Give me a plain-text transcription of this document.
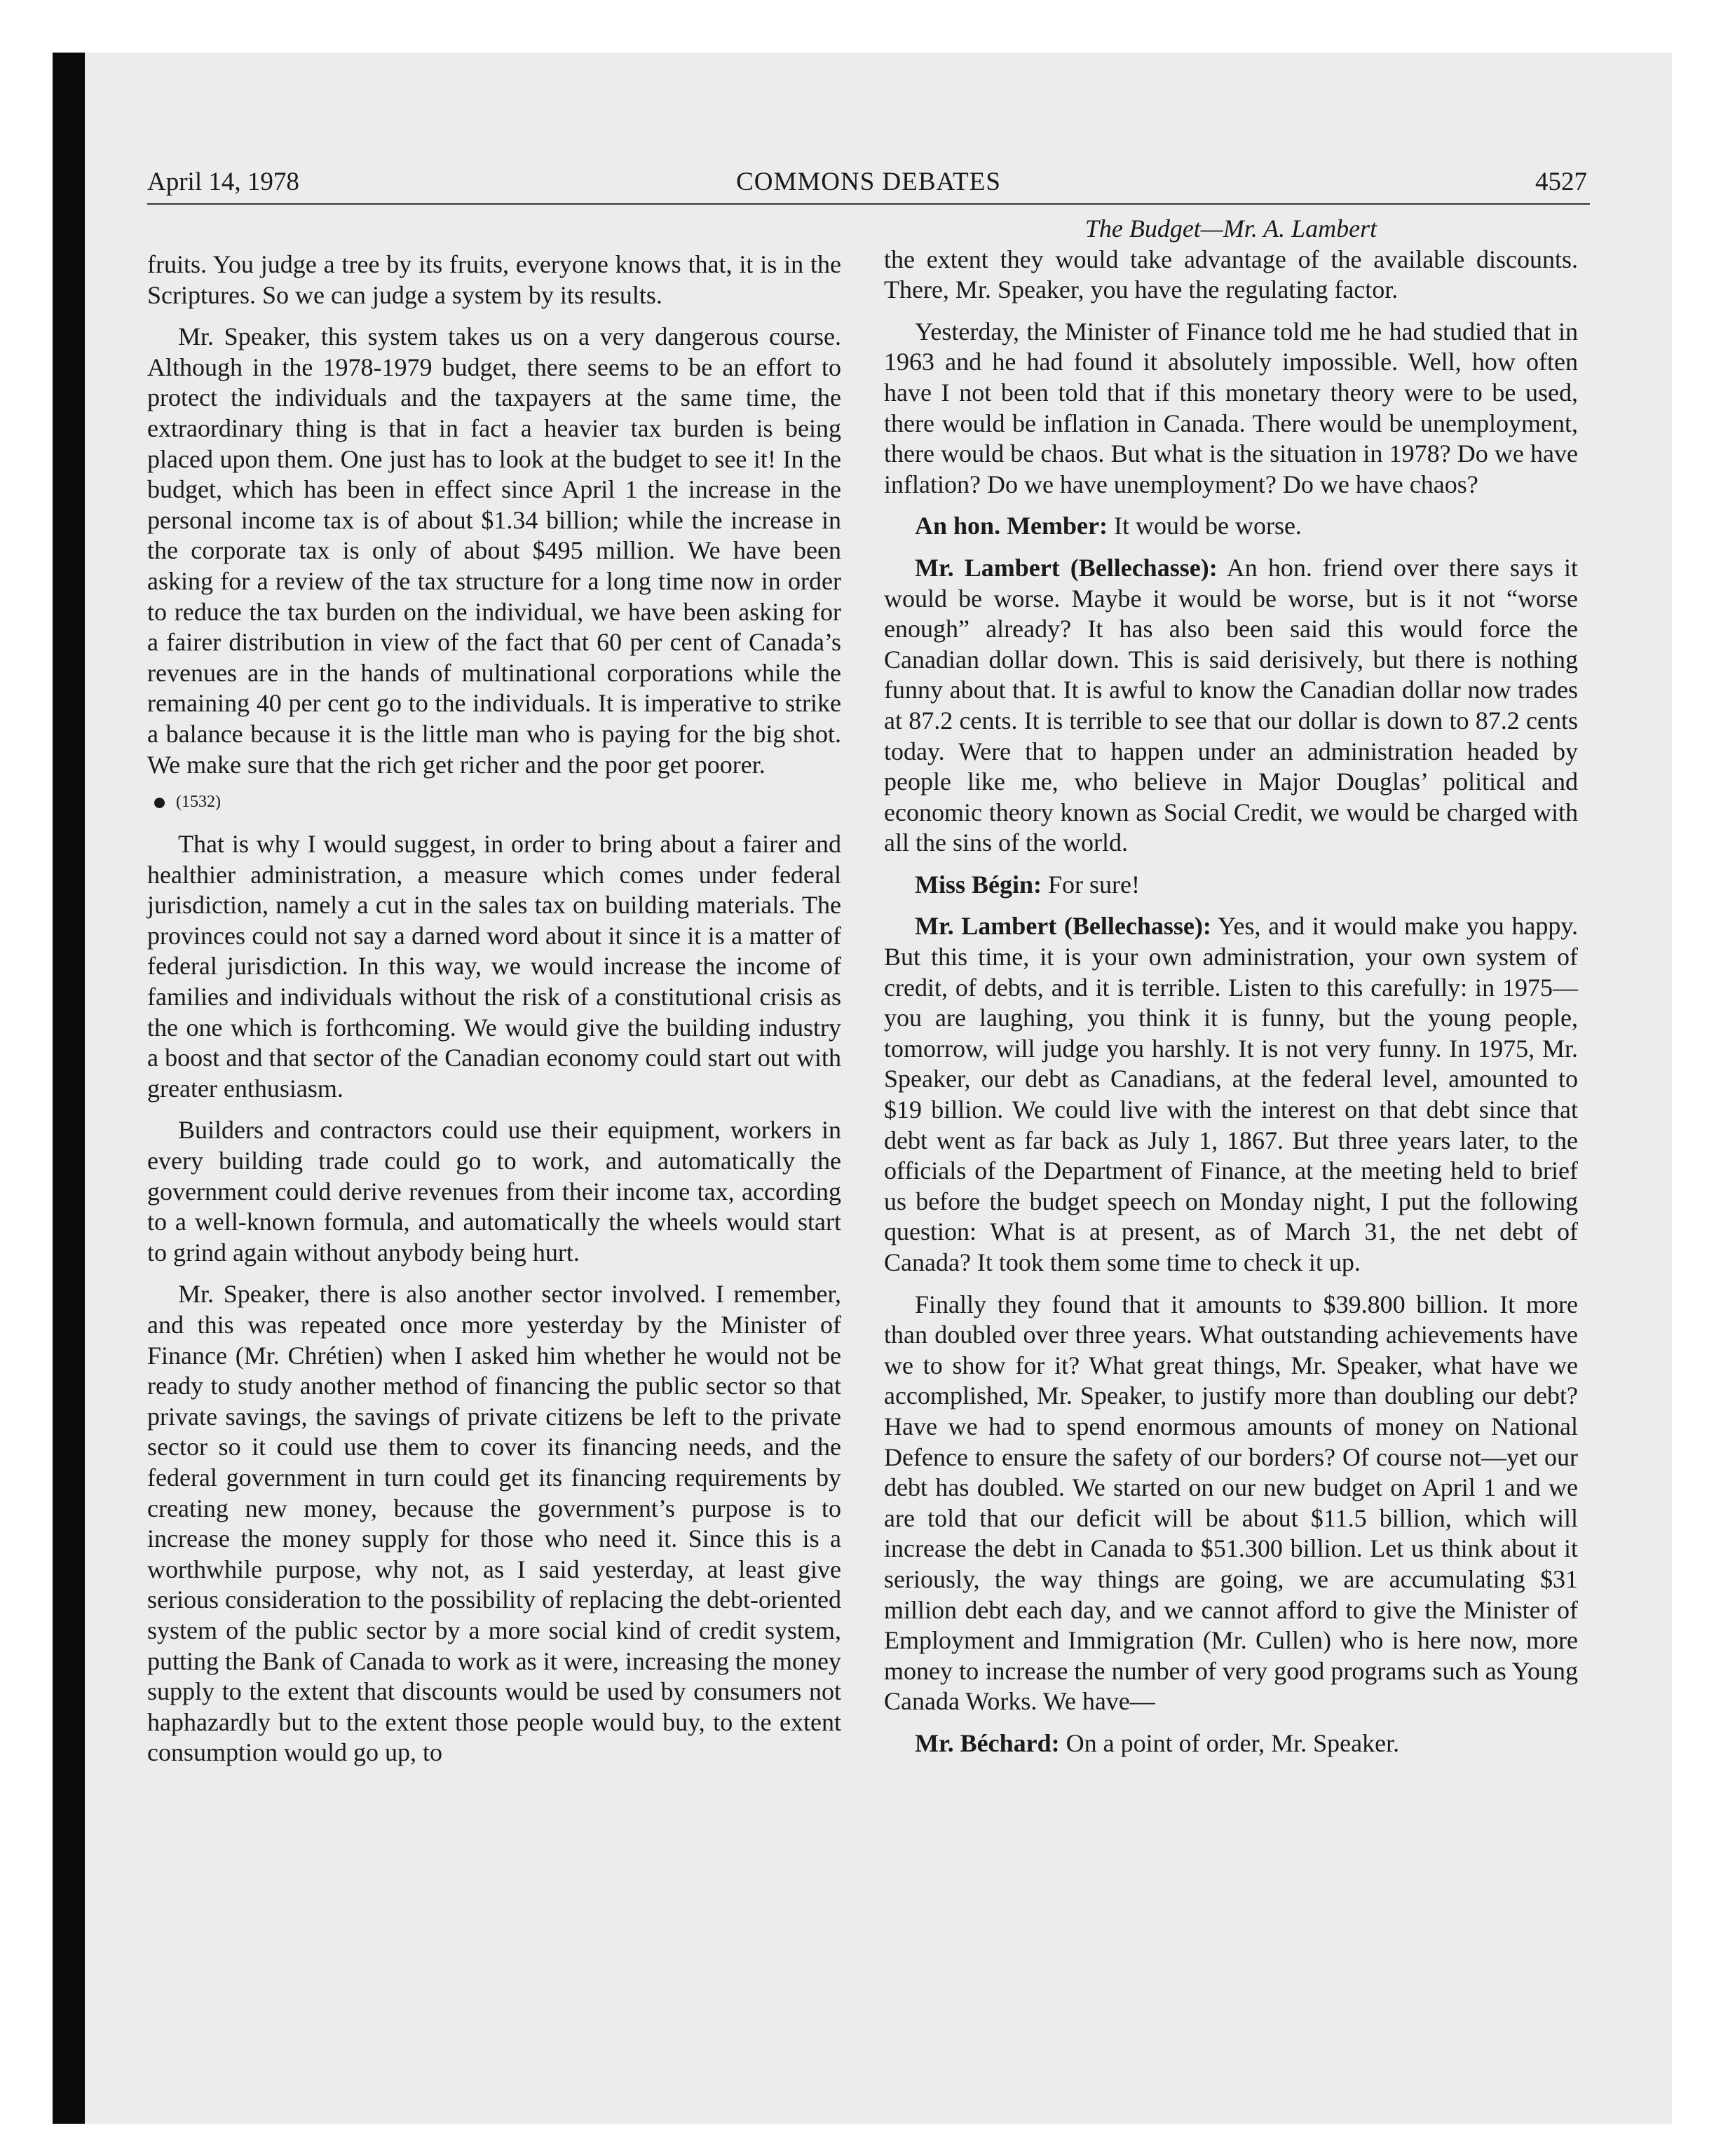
April 14, 1978	COMMONS DEBATES	4527

fruits. You judge a tree by its fruits, everyone knows that, it is in the Scriptures. So we can judge a system by its results.

Mr. Speaker, this system takes us on a very dangerous course. Although in the 1978-1979 budget, there seems to be an effort to protect the individuals and the taxpayers at the same time, the extraordinary thing is that in fact a heavier tax burden is being placed upon them. One just has to look at the budget to see it! In the budget, which has been in effect since April 1 the increase in the personal income tax is of about $1.34 billion; while the increase in the corporate tax is only of about $495 million. We have been asking for a review of the tax structure for a long time now in order to reduce the tax burden on the individual, we have been asking for a fairer distribution in view of the fact that 60 per cent of Canada’s revenues are in the hands of multinational corporations while the remaining 40 per cent go to the individuals. It is imperative to strike a balance because it is the little man who is paying for the big shot. We make sure that the rich get richer and the poor get poorer.

(1532)

That is why I would suggest, in order to bring about a fairer and healthier administration, a measure which comes under federal jurisdiction, namely a cut in the sales tax on building materials. The provinces could not say a darned word about it since it is a matter of federal jurisdiction. In this way, we would increase the income of families and individuals without the risk of a constitutional crisis as the one which is forthcoming. We would give the building industry a boost and that sector of the Canadian economy could start out with greater enthusiasm.

Builders and contractors could use their equipment, workers in every building trade could go to work, and automatically the government could derive revenues from their income tax, according to a well-known formula, and automatically the wheels would start to grind again without anybody being hurt.

Mr. Speaker, there is also another sector involved. I remember, and this was repeated once more yesterday by the Minister of Finance (Mr. Chrétien) when I asked him whether he would not be ready to study another method of financing the public sector so that private savings, the savings of private citizens be left to the private sector so it could use them to cover its financing needs, and the federal government in turn could get its financing requirements by creating new money, because the government’s purpose is to increase the money supply for those who need it. Since this is a worthwhile purpose, why not, as I said yesterday, at least give serious consideration to the possibility of replacing the debt-oriented system of the public sector by a more social kind of credit system, putting the Bank of Canada to work as it were, increasing the money supply to the extent that discounts would be used by consumers not haphazardly but to the extent those people would buy, to the extent consumption would go up, to

The Budget—Mr. A. Lambert

the extent they would take advantage of the available discounts. There, Mr. Speaker, you have the regulating factor.

Yesterday, the Minister of Finance told me he had studied that in 1963 and he had found it absolutely impossible. Well, how often have I not been told that if this monetary theory were to be used, there would be inflation in Canada. There would be unemployment, there would be chaos. But what is the situation in 1978? Do we have inflation? Do we have unemployment? Do we have chaos?

An hon. Member: It would be worse.

Mr. Lambert (Bellechasse): An hon. friend over there says it would be worse. Maybe it would be worse, but is it not “worse enough” already? It has also been said this would force the Canadian dollar down. This is said derisively, but there is nothing funny about that. It is awful to know the Canadian dollar now trades at 87.2 cents. It is terrible to see that our dollar is down to 87.2 cents today. Were that to happen under an administration headed by people like me, who believe in Major Douglas’ political and economic theory known as Social Credit, we would be charged with all the sins of the world.

Miss Bégin: For sure!

Mr. Lambert (Bellechasse): Yes, and it would make you happy. But this time, it is your own administration, your own system of credit, of debts, and it is terrible. Listen to this carefully: in 1975—you are laughing, you think it is funny, but the young people, tomorrow, will judge you harshly. It is not very funny. In 1975, Mr. Speaker, our debt as Canadians, at the federal level, amounted to $19 billion. We could live with the interest on that debt since that debt went as far back as July 1, 1867. But three years later, to the officials of the Department of Finance, at the meeting held to brief us before the budget speech on Monday night, I put the following question: What is at present, as of March 31, the net debt of Canada? It took them some time to check it up.

Finally they found that it amounts to $39.800 billion. It more than doubled over three years. What outstanding achievements have we to show for it? What great things, Mr. Speaker, what have we accomplished, Mr. Speaker, to justify more than doubling our debt? Have we had to spend enormous amounts of money on National Defence to ensure the safety of our borders? Of course not—yet our debt has doubled. We started on our new budget on April 1 and we are told that our deficit will be about $11.5 billion, which will increase the debt in Canada to $51.300 billion. Let us think about it seriously, the way things are going, we are accumulating $31 million debt each day, and we cannot afford to give the Minister of Employment and Immigration (Mr. Cullen) who is here now, more money to increase the number of very good programs such as Young Canada Works. We have—

Mr. Béchard: On a point of order, Mr. Speaker.
